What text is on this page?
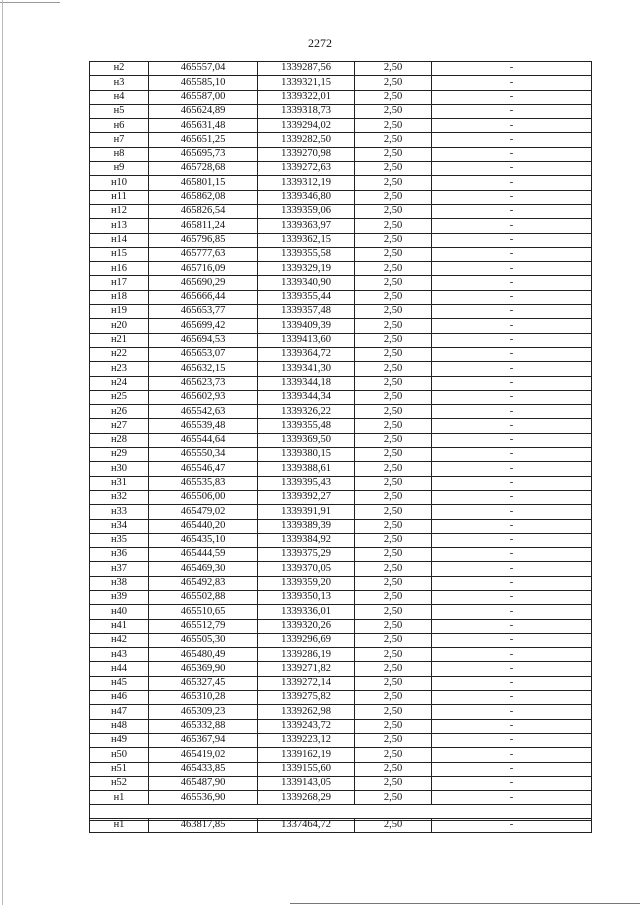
2272
н2	465557,04	1339287,56	2,50	-
н3	465585,10	1339321,15	2,50	-
н4	465587,00	1339322,01	2,50	-
н5	465624,89	1339318,73	2,50	-
н6	465631,48	1339294,02	2,50	-
н7	465651,25	1339282,50	2,50	-
н8	465695,73	1339270,98	2,50	-
н9	465728,68	1339272,63	2,50	-
н10	465801,15	1339312,19	2,50	-
н11	465862,08	1339346,80	2,50	-
н12	465826,54	1339359,06	2,50	-
н13	465811,24	1339363,97	2,50	-
н14	465796,85	1339362,15	2,50	-
н15	465777,63	1339355,58	2,50	-
н16	465716,09	1339329,19	2,50	-
н17	465690,29	1339340,90	2,50	-
н18	465666,44	1339355,44	2,50	-
н19	465653,77	1339357,48	2,50	-
н20	465699,42	1339409,39	2,50	-
н21	465694,53	1339413,60	2,50	-
н22	465653,07	1339364,72	2,50	-
н23	465632,15	1339341,30	2,50	-
н24	465623,73	1339344,18	2,50	-
н25	465602,93	1339344,34	2,50	-
н26	465542,63	1339326,22	2,50	-
н27	465539,48	1339355,48	2,50	-
н28	465544,64	1339369,50	2,50	-
н29	465550,34	1339380,15	2,50	-
н30	465546,47	1339388,61	2,50	-
н31	465535,83	1339395,43	2,50	-
н32	465506,00	1339392,27	2,50	-
н33	465479,02	1339391,91	2,50	-
н34	465440,20	1339389,39	2,50	-
н35	465435,10	1339384,92	2,50	-
н36	465444,59	1339375,29	2,50	-
н37	465469,30	1339370,05	2,50	-
н38	465492,83	1339359,20	2,50	-
н39	465502,88	1339350,13	2,50	-
н40	465510,65	1339336,01	2,50	-
н41	465512,79	1339320,26	2,50	-
н42	465505,30	1339296,69	2,50	-
н43	465480,49	1339286,19	2,50	-
н44	465369,90	1339271,82	2,50	-
н45	465327,45	1339272,14	2,50	-
н46	465310,28	1339275,82	2,50	-
н47	465309,23	1339262,98	2,50	-
н48	465332,88	1339243,72	2,50	-
н49	465367,94	1339223,12	2,50	-
н50	465419,02	1339162,19	2,50	-
н51	465433,85	1339155,60	2,50	-
н52	465487,90	1339143,05	2,50	-
н1	465536,90	1339268,29	2,50	-

н1	463817,85	1337464,72	2,50	-
